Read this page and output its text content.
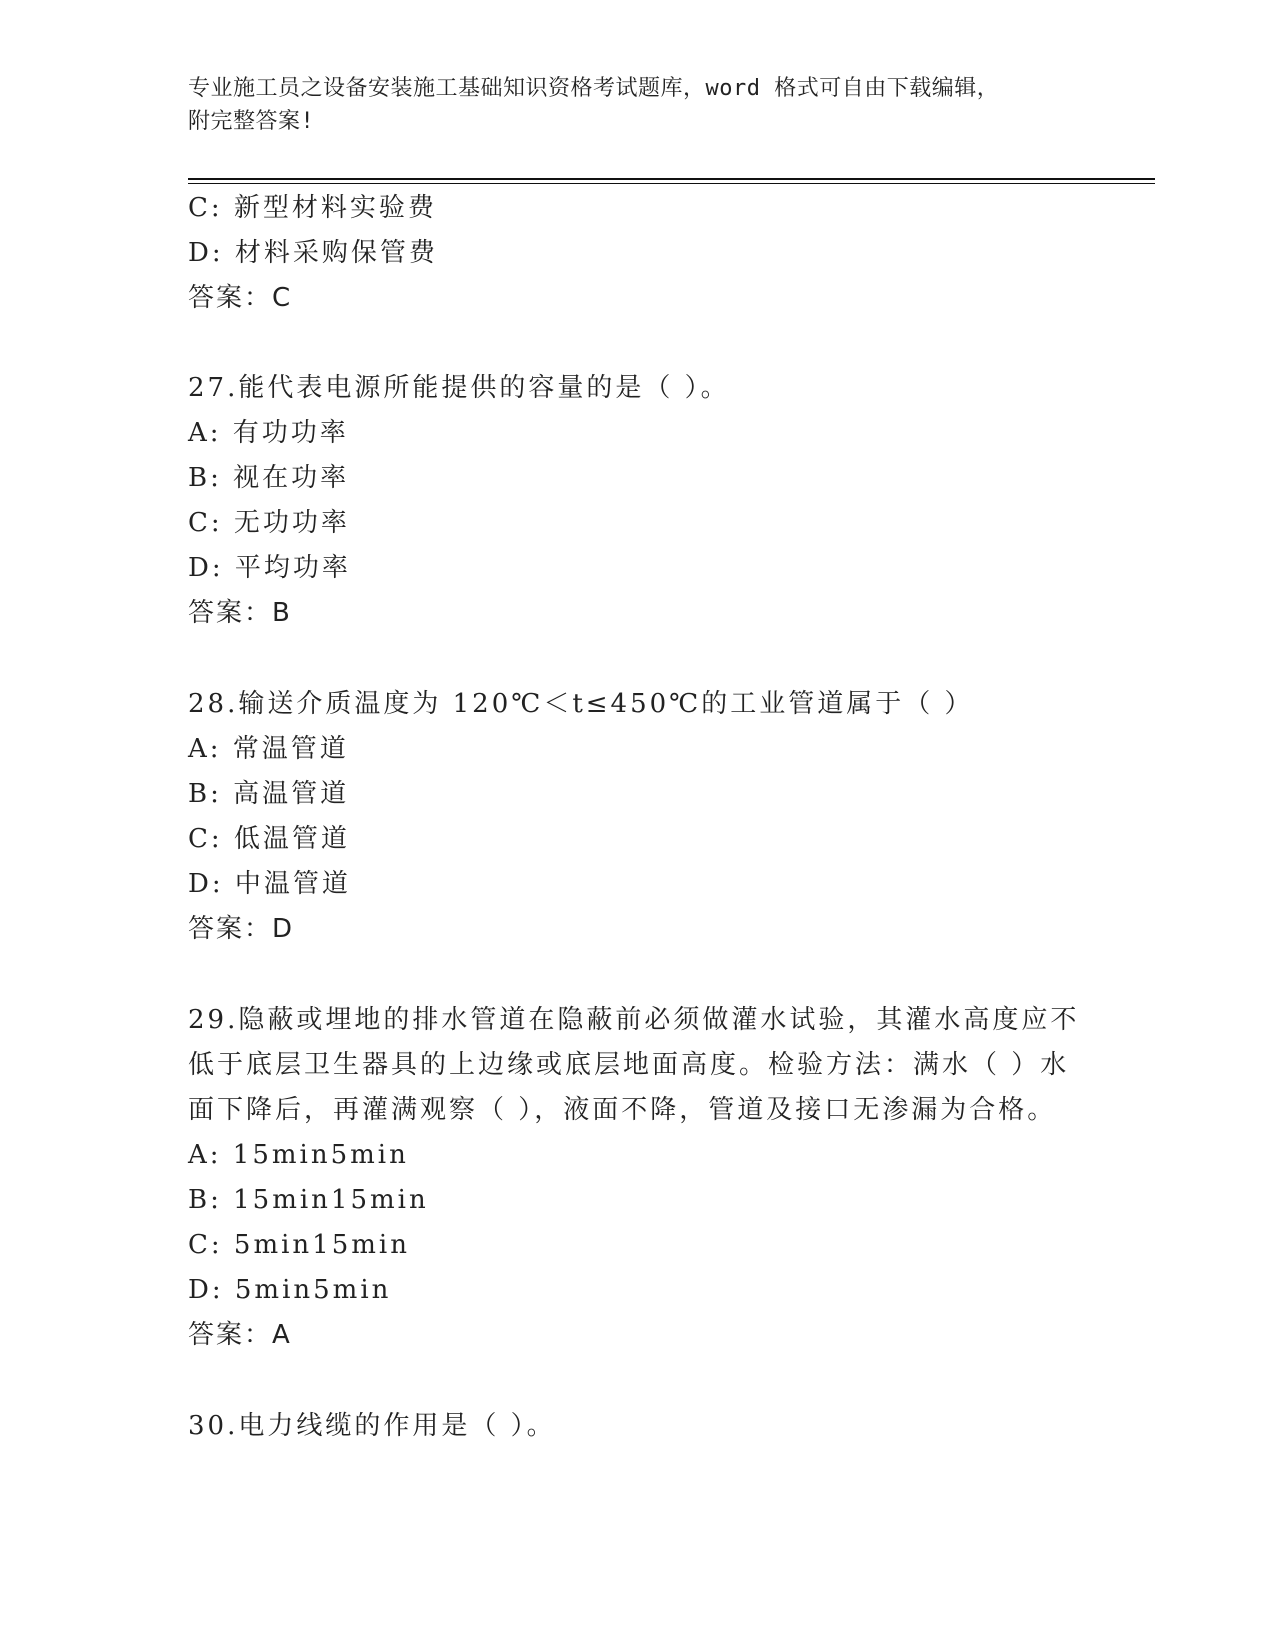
专业施工员之设备安装施工基础知识资格考试题库，word 格式可自由下载编辑，
附完整答案!
C: 新型材料实验费
D: 材料采购保管费
答案：C
27.能代表电源所能提供的容量的是（ ）。
A: 有功功率
B: 视在功率
C: 无功功率
D: 平均功率
答案：B
28.输送介质温度为 120℃＜t≤450℃的工业管道属于（ ）
A: 常温管道
B: 高温管道
C: 低温管道
D: 中温管道
答案：D
29.隐蔽或埋地的排水管道在隐蔽前必须做灌水试验，其灌水高度应不
低于底层卫生器具的上边缘或底层地面高度。检验方法：满水（ ）水
面下降后，再灌满观察（ ），液面不降，管道及接口无渗漏为合格。
A: 15min5min
B: 15min15min
C: 5min15min
D: 5min5min
答案：A
30.电力线缆的作用是（ ）。
